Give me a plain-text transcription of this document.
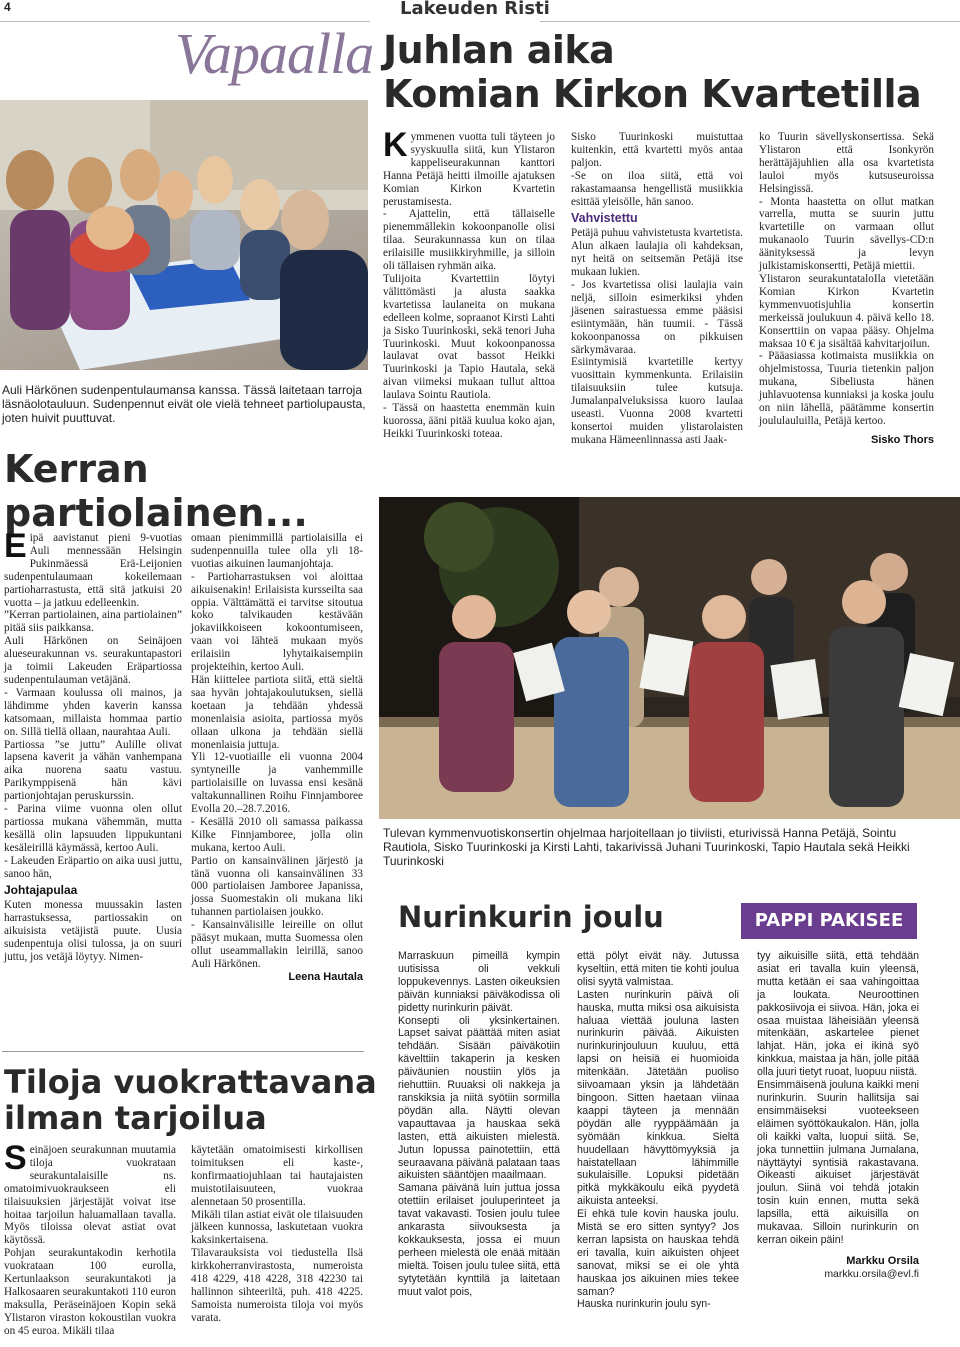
4	Lakeuden Risti
Vapaalla Juhlan aika
Komian Kirkon Kvartetilla
Auli Härkönen sudenpentulaumansa kanssa. Tässä laitetaan tarroja läsnäolotauluun. Sudenpennut eivät ole vielä tehneet partiolupausta, joten huivit puuttuvat.
Kerran
partiolainen...
E ipä aavistanut pieni 9-vuotias Auli mennessään Helsingin Pukinmäessä Erä-Leijonien sudenpentulaumaan kokeilemaan partioharrastusta, että sitä jatkuisi 20 vuotta – ja jatkuu edelleenkin.

”Kerran partiolainen, aina partiolainen” pitää siis paikkansa.

Auli Härkönen on Seinäjoen alueseurakunnan vs. seurakuntapastori ja toimii Lakeuden Eräpartiossa sudenpentulauman vetäjänä.

- Varmaan koulussa oli mainos, ja lähdimme yhden kaverin kanssa katsomaan, millaista hommaa partio on. Sillä tiellä ollaan, naurahtaa Auli.

Partiossa ”se juttu” Aulille olivat lapsena kaverit ja vähän vanhempana aika nuorena saatu vastuu. Parikymppisenä hän kävi partionjohtajan peruskurssin.

- Parina viime vuonna olen ollut partiossa mukana vähemmän, mutta kesällä olin lapsuuden lippukuntani kesäleirillä käymässä, kertoo Auli.

- Lakeuden Eräpartio on aika uusi juttu, sanoo hän,

Johtajapulaa

Kuten monessa muussakin lasten harrastuksessa, partiossakin on aikuisista vetäjistä puute. Uusia sudenpentuja olisi tulossa, ja on suuri juttu, jos vetäjä löytyy. Nimen-

omaan pienimmillä partiolaisilla ei sudenpennuilla tulee olla yli 18-vuotias aikuinen laumanjohtaja.

- Partioharrastuksen voi aloittaa aikuisenakin! Erilaisista kursseilta saa oppia. Välttämättä ei tarvitse sitoutua koko talvikauden kestävään jokaviikkoiseen kokoontumiseen, vaan voi lähteä mukaan myös erilaisiin lyhytaikaisempiin projekteihin, kertoo Auli.

Hän kiittelee partiota siitä, että sieltä saa hyvän johtajakoulutuksen, siellä koetaan ja tehdään yhdessä monenlaisia asioita, partiossa myös ollaan ulkona ja tehdään siellä monenlaisia juttuja.

Yli 12-vuotiaille eli vuonna 2004 syntyneille ja vanhemmille partiolaisille on luvassa ensi kesänä valtakunnallinen Roihu Finnjamboree Evolla 20.–28.7.2016.

- Kesällä 2010 oli samassa paikassa Kilke Finnjamboree, jolla olin mukana, kertoo Auli.

Partio on kansainvälinen järjestö ja tänä vuonna oli kansainvälinen 33 000 partiolaisen Jamboree Japanissa, jossa Suomestakin oli mukana liki tuhannen partiolaisen joukko.

- Kansainvälisille leireille on ollut pääsyt mukaan, mutta Suomessa olen ollut useammallakin leirillä, sanoo Auli Härkönen.

Leena Hautala
K ymmenen vuotta tuli täyteen jo syyskuulla siitä, kun Ylistaron kappeliseurakunnan kanttori Hanna Petäjä heitti ilmoille ajatuksen Komian Kirkon Kvartetin perustamisesta.

- Ajattelin, että tällaiselle pienemmällekin kokoonpanolle olisi tilaa. Seurakunnassa kun on tilaa erilaisille musiikkiryhmille, ja silloin oli tällaisen ryhmän aika.

Tulijoita Kvartettiin löytyi välittömästi ja alusta saakka kvartetissa laulaneita on mukana edelleen kolme, sopraanot Kirsti Lahti ja Sisko Tuurinkoski, sekä tenori Juha Tuurinkoski. Muut kokoonpanossa laulavat ovat bassot Heikki Tuurinkoski ja Tapio Hautala, sekä aivan viimeksi mukaan tullut alttoa laulava Sointu Rautiola.

- Tässä on haastetta enemmän kuin kuorossa, ääni pitää kuulua koko ajan, Heikki Tuurinkoski toteaa.

Sisko Tuurinkoski muistuttaa kuitenkin, että kvartetti myös antaa paljon.

-Se on iloa siitä, että voi rakastamaansa hengellistä musiikkia esittää yleisölle, hän sanoo.

Vahvistettu

Petäjä puhuu vahvistetusta kvartetista. Alun alkaen laulajia oli kahdeksan, nyt heitä on seitsemän Petäjä itse mukaan lukien.

- Jos kvartetissa olisi laulajia vain neljä, silloin esimerkiksi yhden jäsenen sairastuessa emme pääsisi esiintymään, hän tuumii. - Tässä kokoonpanossa on pikkuisen särkymävaraa.

Esiintymisiä kvartetille kertyy vuosittain kymmenkunta. Erilaisiin tilaisuuksiin tulee kutsuja. Jumalanpalveluksissa kuoro laulaa useasti. Vuonna 2008 kvartetti konsertoi muiden ylistarolaisten mukana Hämeenlinnassa asti Jaak-

ko Tuurin sävellyskonsertissa. Sekä Ylistaron että Isonkyrön herättäjäjuhlien alla osa kvartetista lauloi myös kutsuseuroissa Helsingissä.

- Monta haastetta on ollut matkan varrella, mutta se suurin juttu kvartetille on varmaan ollut mukanaolo Tuurin sävellys-CD:n äänityksessä ja levyn julkistamiskonsertti, Petäjä miettii.

Ylistaron seurakuntataloIla vietetään Komian Kirkon Kvartetin kymmenvuotisjuhlia konsertin merkeissä joulukuun 4. päivä kello 18. Konserttiin on vapaa pääsy. Ohjelma maksaa 10 € ja sisältää kahvitarjoilun.

- Pääasiassa kotimaista musiikkia on ohjelmistossa, Tuuria tietenkin paljon mukana, Sibeliusta hänen juhlavuotensa kunniaksi ja koska joulu on niin lähellä, päätämme konsertin joululauluilla, Petäjä kertoo.

Sisko Thors
Tulevan kymmenvuotiskonsertin ohjelmaa harjoitellaan jo tiiviisti, eturivissä Hanna Petäjä, Sointu Rautiola, Sisko Tuurinkoski ja Kirsti Lahti, takarivissä Juhani Tuurinkoski, Tapio Hautala sekä Heikki Tuurinkoski
Tiloja vuokrattavana
ilman tarjoilua
S einäjoen seurakunnan muutamia tiloja vuokrataan seurakuntalaisille ns. omatoimivuokraukseen eli tilaisuuksien järjestäjät voivat itse hoitaa tarjoilun haluamallaan tavalla. Myös tiloissa olevat astiat ovat käytössä.

Pohjan seurakuntakodin kerhotila vuokrataan 100 eurolla, Kertunlaakson seurakuntakoti ja Halkosaaren seurakuntakoti 110 euron maksulla, Peräseinäjoen Kopin sekä Ylistaron viraston kokoustilan vuokra on 45 euroa. Mikäli tilaa

käytetään omatoimisesti kirkollisen toimituksen eli kaste-, konfirmaatiojuhlaan tai hautajaisten muistotilaisuuteen, vuokraa alennetaan 50 prosentilla.

Mikäli tilan astiat eivät ole tilaisuuden jälkeen kunnossa, laskutetaan vuokra kaksinkertaisena.

Tilavarauksista voi tiedustella Ilsä kirkkoherranvirastosta, numeroista 418 4229, 418 4228, 318 42230 tai hallinnon sihteeriltä, puh. 418 4225. Samoista numeroista tiloja voi myös varata.

Nurinkurin joulu	PAPPI PAKISEE

Marraskuun pimeillä kympin uutisissa oli vekkuli loppukevennys. Lasten oikeuksien päivän kunniaksi päiväkodissa oli pidetty nurinkurin päivät.

Konsepti oli yksinkertainen. Lapset saivat päättää miten asiat tehdään. Sisään päiväkotiin kävelttiin takaperin ja kesken päiväunien noustiin ylös ja riehuttiin. Ruuaksi oli nakkeja ja ranskiksia ja niitä syötiin sormilla pöydän alla. Näytti olevan vapauttavaa ja hauskaa sekä lasten, että aikuisten mielestä. Jutun lopussa painotettiin, että seuraavana päivänä palataan taas aikuisten sääntöjen maailmaan.

Samana päivänä luin juttua jossa otettiin erilaiset jouluperinteet ja tavat vakavasti. Tosien joulu tulee ankarasta siivouksesta ja kokkauksesta, jossa ei muun perheen mielestä ole enää mitään mieltä. Toisen joulu tulee siitä, että sytytetään kynttilä ja laitetaan muut valot pois,

että pölyt eivät näy. Jutussa kyseltiin, että miten tie kohti joulua olisi syytä valmistaa.

Lasten nurinkurin päivä oli hauska, mutta miksi osa aikuisista haluaa viettää jouluna lasten nurinkurin päivää. Aikuisten nurinkurinjouluun kuuluu, että lapsi on heisiä ei huomioida mitenkään. Jätetään puoliso siivoamaan yksin ja lähdetään bingoon. Sitten haetaan viinaa kaappi täyteen ja mennään pöydän alle ryyppäämään ja syömään kinkkua. Sieltä huudellaan hävyttömyyksiä ja haistatellaan lähimmille sukulaisille. Lopuksi pidetään pitkä mykkäkoulu eikä pyydetä aikuista anteeksi.

Ei ehkä tule kovin hauska joulu. Mistä se ero sitten syntyy? Jos kerran lapsista on hauskaa tehdä eri tavalla, kuin aikuisten ohjeet sanovat, miksi se ei ole yhtä hauskaa jos aikuinen mies tekee saman?

Hauska nurinkurin joulu syn-

tyy aikuisille siitä, että tehdään asiat eri tavalla kuin yleensä, mutta ketään ei saa vahingoittaa ja loukata. Neuroottinen pakkosiivoja ei siivoa. Hän, joka ei osaa muistaa läheisiään yleensä mitenkään, askartelee pienet lahjat. Hän, joka ei ikinä syö kinkkua, maistaa ja hän, jolle pitää olla juuri tietyt ruoat, luopuu niistä.

Ensimmäisenä jouluna kaikki meni nurinkurin. Suurin hallitsija sai ensimmäiseksi vuoteekseen eläimen syöttökaukalon. Hän, jolla oli kaikki valta, luopui siitä. Se, joka tunnettiin julmana Jumalana, näyttäytyi syntisiä rakastavana. Oikeasti aikuiset järjestävät joulun. Siinä voi tehdä jotakin tosin kuin ennen, mutta sekä lapsilla, että aikuisilla on mukavaa. Silloin nurinkurin on kerran oikein päin!

Markku Orsila
markku.orsila@evl.fi
